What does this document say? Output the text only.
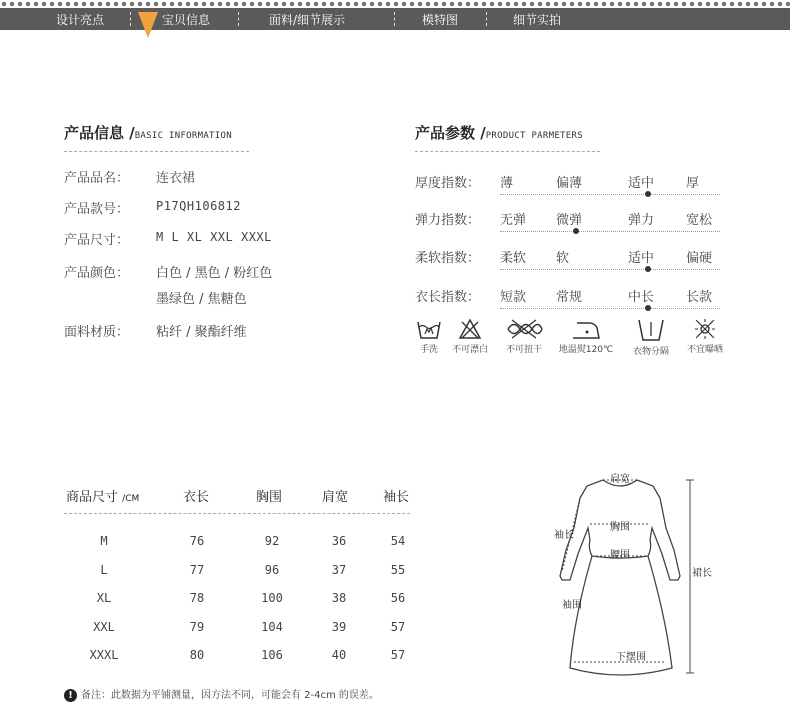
设计亮点	宝贝信息	面料/细节展示	模特图	细节实拍
产品信息 /BASIC INFORMATION
产品品名： 连衣裙
产品款号： P17QH106812
产品尺寸： M L XL XXL XXXL
产品颜色： 白色 / 黑色 / 粉红色
墨绿色 / 焦糖色
面料材质： 粘纤 / 聚酯纤维
产品参数 /PRODUCT PARMETERS
厚度指数： 薄	偏薄	适中 厚
弹力指数： 无弹 微弹	弹力 宽松
柔软指数： 柔软 软	适中 偏硬
衣长指数： 短款 常规	中长 长款
手洗	不可漂白	不可扭干	地温熨120℃	衣物分隔	不宜曝晒
商品尺寸 /CM	衣长	胸围	肩宽	袖长
M	76	92	36	54
L	77	96	37	55
XL	78	100	38	56
XXL	79	104	39	57
XXXL	80	106	40	57
肩宽
袖长
胸围
腰围
裙长
袖围
下摆围
! 备注：此数据为平铺测量，因方法不同，可能会有 2-4cm 的误差。
